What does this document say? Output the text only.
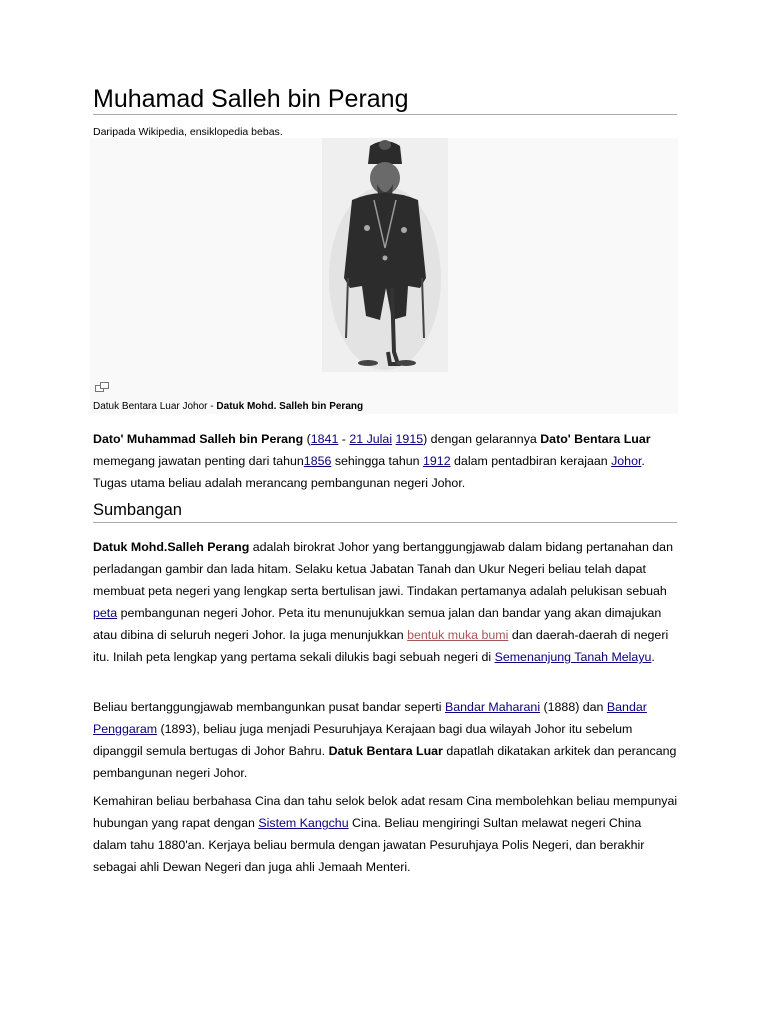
Muhamad Salleh bin Perang
Daripada Wikipedia, ensiklopedia bebas.
Datuk Bentara Luar Johor - Datuk Mohd. Salleh bin Perang

Dato' Muhammad Salleh bin Perang (1841 - 21 Julai 1915) dengan gelarannya Dato' Bentara Luar memegang jawatan penting dari tahun1856 sehingga tahun 1912 dalam pentadbiran kerajaan Johor. Tugas utama beliau adalah merancang pembangunan negeri Johor.

Sumbangan

Datuk Mohd.Salleh Perang adalah birokrat Johor yang bertanggungjawab dalam bidang pertanahan dan perladangan gambir dan lada hitam. Selaku ketua Jabatan Tanah dan Ukur Negeri beliau telah dapat membuat peta negeri yang lengkap serta bertulisan jawi. Tindakan pertamanya adalah pelukisan sebuah peta pembangunan negeri Johor. Peta itu menunujukkan semua jalan dan bandar yang akan dimajukan atau dibina di seluruh negeri Johor. Ia juga menunjukkan bentuk muka bumi dan daerah-daerah di negeri itu. Inilah peta lengkap yang pertama sekali dilukis bagi sebuah negeri di Semenanjung Tanah Melayu.

Beliau bertanggungjawab membangunkan pusat bandar seperti Bandar Maharani (1888) dan Bandar Penggaram (1893), beliau juga menjadi Pesuruhjaya Kerajaan bagi dua wilayah Johor itu sebelum dipanggil semula bertugas di Johor Bahru. Datuk Bentara Luar dapatlah dikatakan arkitek dan perancang pembangunan negeri Johor.

Kemahiran beliau berbahasa Cina dan tahu selok belok adat resam Cina membolehkan beliau mempunyai hubungan yang rapat dengan Sistem Kangchu Cina. Beliau mengiringi Sultan melawat negeri China dalam tahu 1880'an. Kerjaya beliau bermula dengan jawatan Pesuruhjaya Polis Negeri, dan berakhir sebagai ahli Dewan Negeri dan juga ahli Jemaah Menteri.
